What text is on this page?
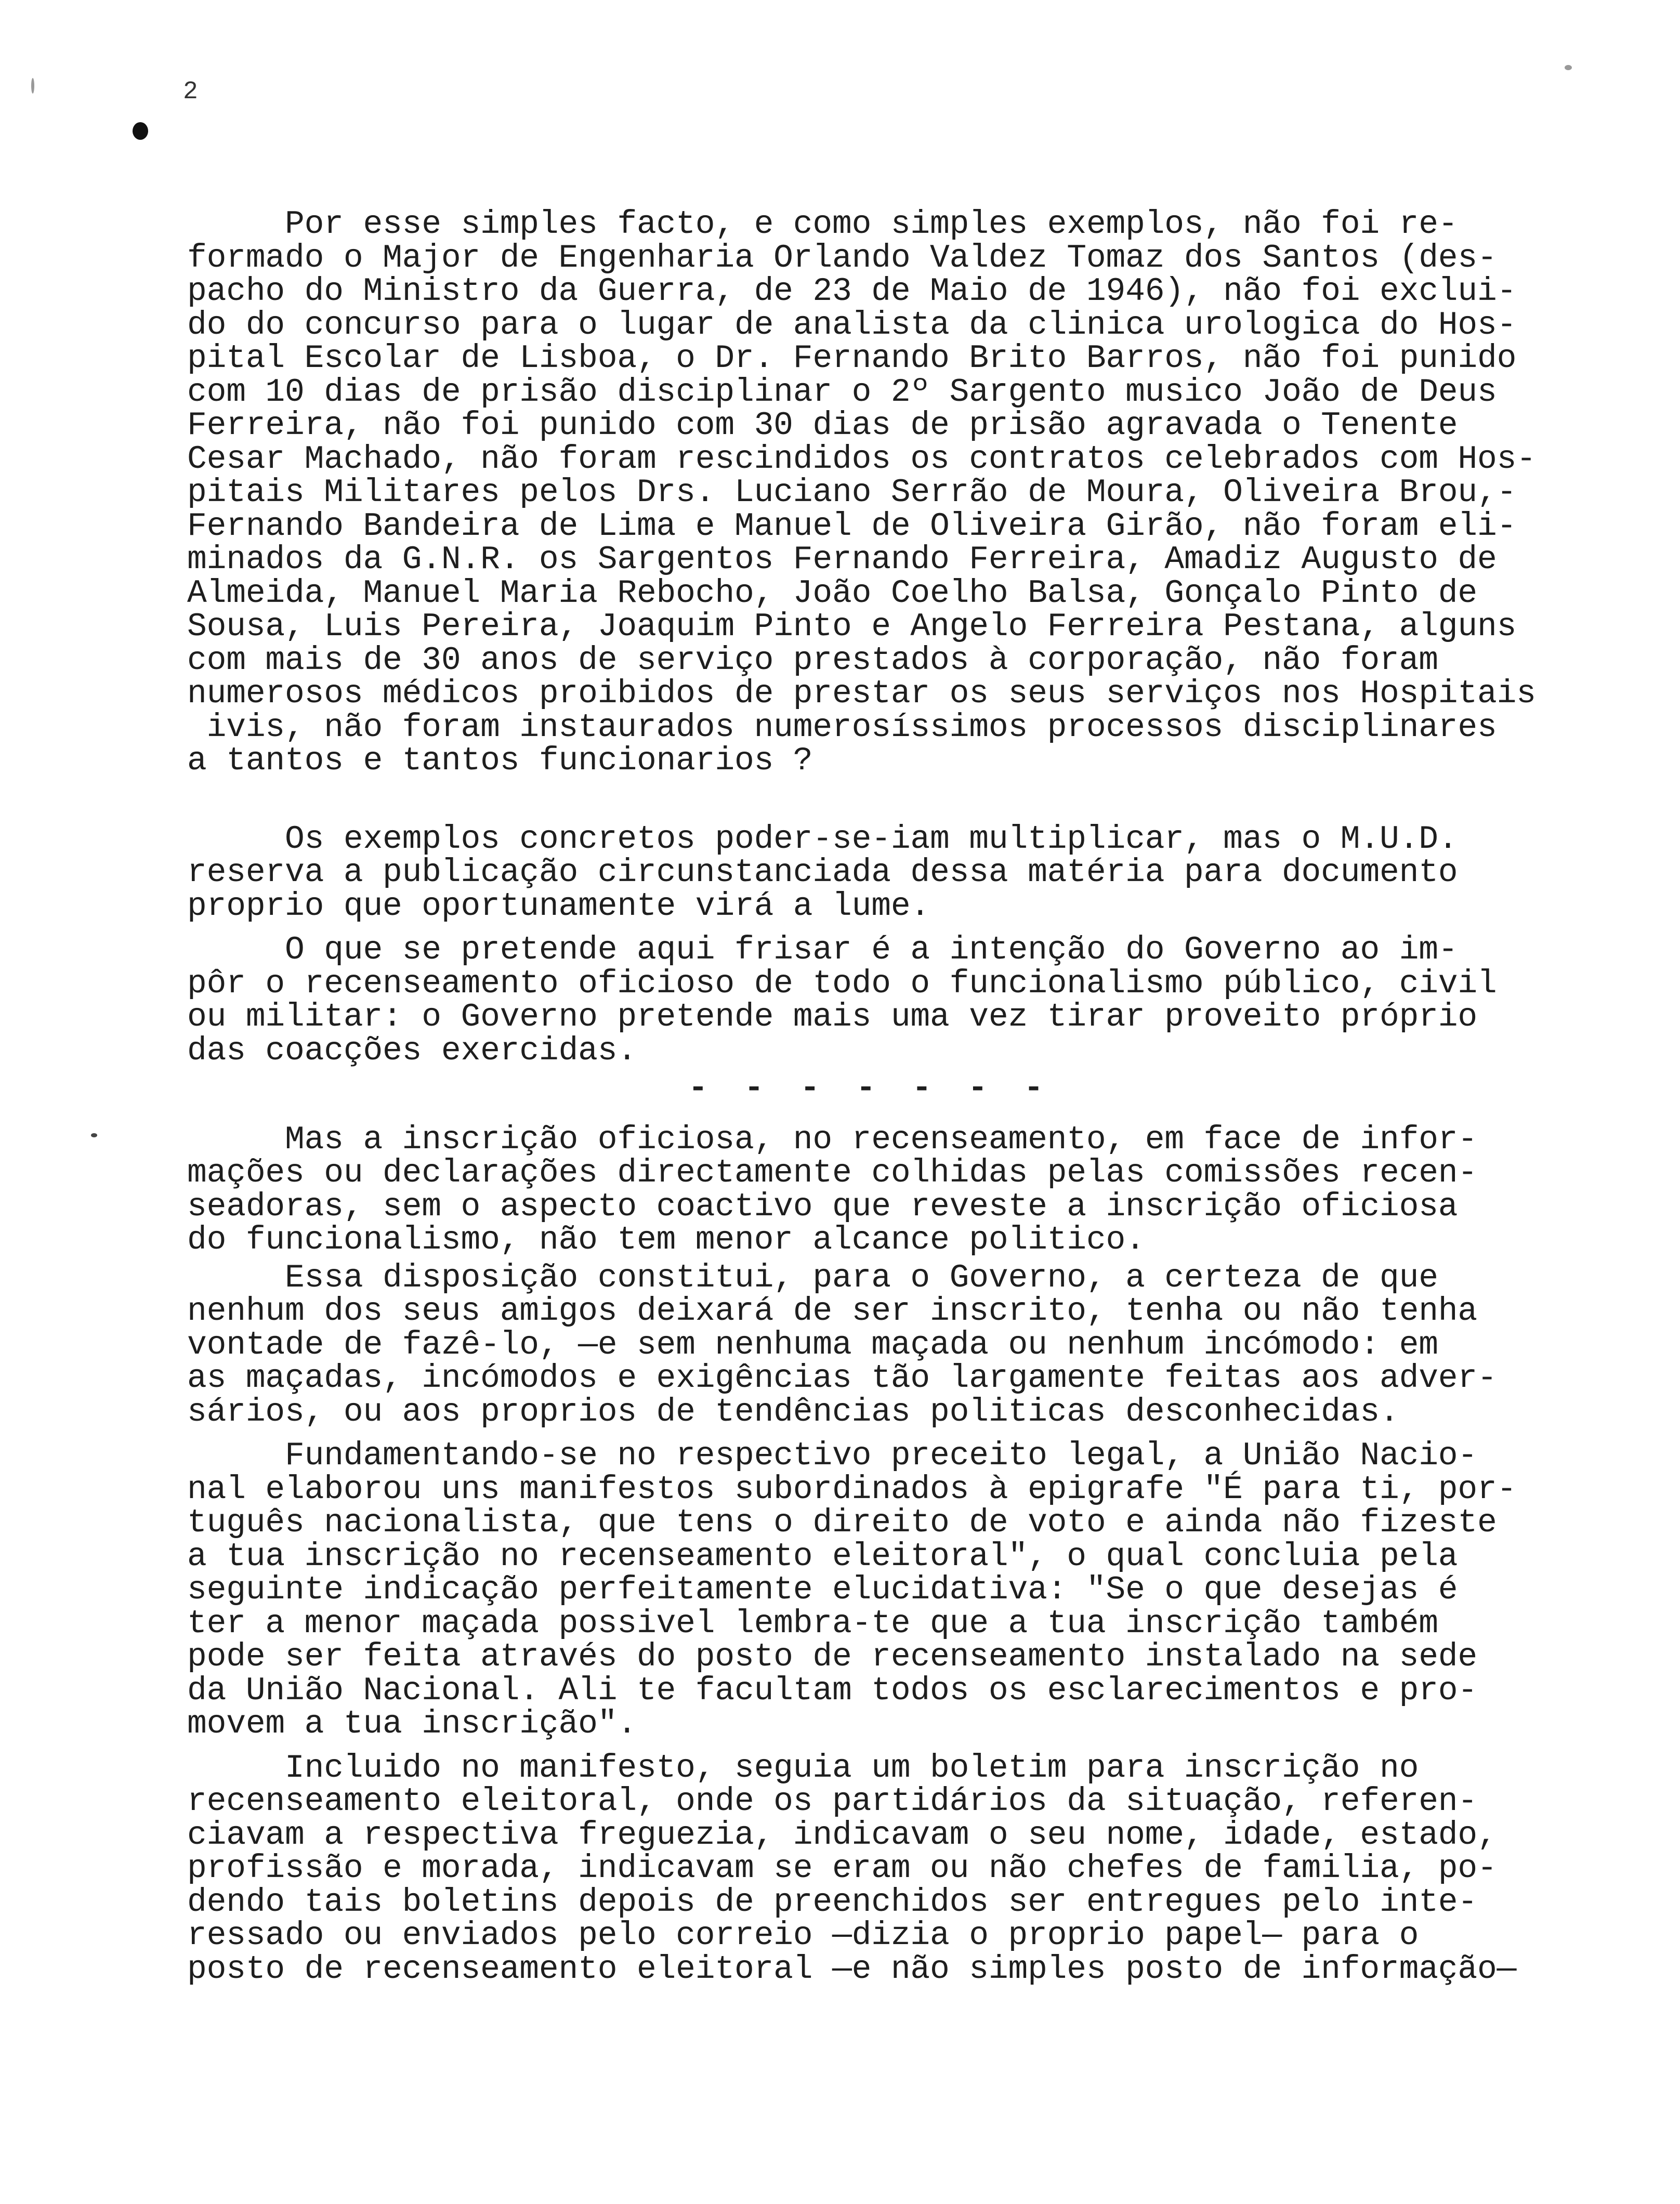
2
Por esse simples facto, e como simples exemplos, não foi re-
formado o Major de Engenharia Orlando Valdez Tomaz dos Santos (des-
pacho do Ministro da Guerra, de 23 de Maio de 1946), não foi exclui-
do do concurso para o lugar de analista da clinica urologica do Hos-
pital Escolar de Lisboa, o Dr. Fernando Brito Barros, não foi punido
com 10 dias de prisão disciplinar o 2º Sargento musico João de Deus
Ferreira, não foi punido com 30 dias de prisão agravada o Tenente
Cesar Machado, não foram rescindidos os contratos celebrados com Hos-
pitais Militares pelos Drs. Luciano Serrão de Moura, Oliveira Brou,-
Fernando Bandeira de Lima e Manuel de Oliveira Girão, não foram eli-
minados da G.N.R. os Sargentos Fernando Ferreira, Amadiz Augusto de
Almeida, Manuel Maria Rebocho, João Coelho Balsa, Gonçalo Pinto de
Sousa, Luis Pereira, Joaquim Pinto e Angelo Ferreira Pestana, alguns
com mais de 30 anos de serviço prestados à corporação, não foram
numerosos médicos proibidos de prestar os seus serviços nos Hospitais
ivis, não foram instaurados numerosíssimos processos disciplinares
a tantos e tantos funcionarios ?
Os exemplos concretos poder-se-iam multiplicar, mas o M.U.D.
reserva a publicação circunstanciada dessa matéria para documento
proprio que oportunamente virá a lume.
O que se pretende aqui frisar é a intenção do Governo ao im-
pôr o recenseamento oficioso de todo o funcionalismo público, civil
ou militar: o Governo pretende mais uma vez tirar proveito próprio
das coacções exercidas.
- - - - - - -
Mas a inscrição oficiosa, no recenseamento, em face de infor-
mações ou declarações directamente colhidas pelas comissões recen-
seadoras, sem o aspecto coactivo que reveste a inscrição oficiosa
do funcionalismo, não tem menor alcance politico.
Essa disposição constitui, para o Governo, a certeza de que
nenhum dos seus amigos deixará de ser inscrito, tenha ou não tenha
vontade de fazê-lo, —e sem nenhuma maçada ou nenhum incómodo: em
as maçadas, incómodos e exigências tão largamente feitas aos adver-
sários, ou aos proprios de tendências politicas desconhecidas.
Fundamentando-se no respectivo preceito legal, a União Nacio-
nal elaborou uns manifestos subordinados à epigrafe "É para ti, por-
tuguês nacionalista, que tens o direito de voto e ainda não fizeste
a tua inscrição no recenseamento eleitoral", o qual concluia pela
seguinte indicação perfeitamente elucidativa: "Se o que desejas é
ter a menor maçada possivel lembra-te que a tua inscrição também
pode ser feita através do posto de recenseamento instalado na sede
da União Nacional. Ali te facultam todos os esclarecimentos e pro-
movem a tua inscrição".
Incluido no manifesto, seguia um boletim para inscrição no
recenseamento eleitoral, onde os partidários da situação, referen-
ciavam a respectiva freguezia, indicavam o seu nome, idade, estado,
profissão e morada, indicavam se eram ou não chefes de familia, po-
dendo tais boletins depois de preenchidos ser entregues pelo inte-
ressado ou enviados pelo correio —dizia o proprio papel— para o
posto de recenseamento eleitoral —e não simples posto de informação—
